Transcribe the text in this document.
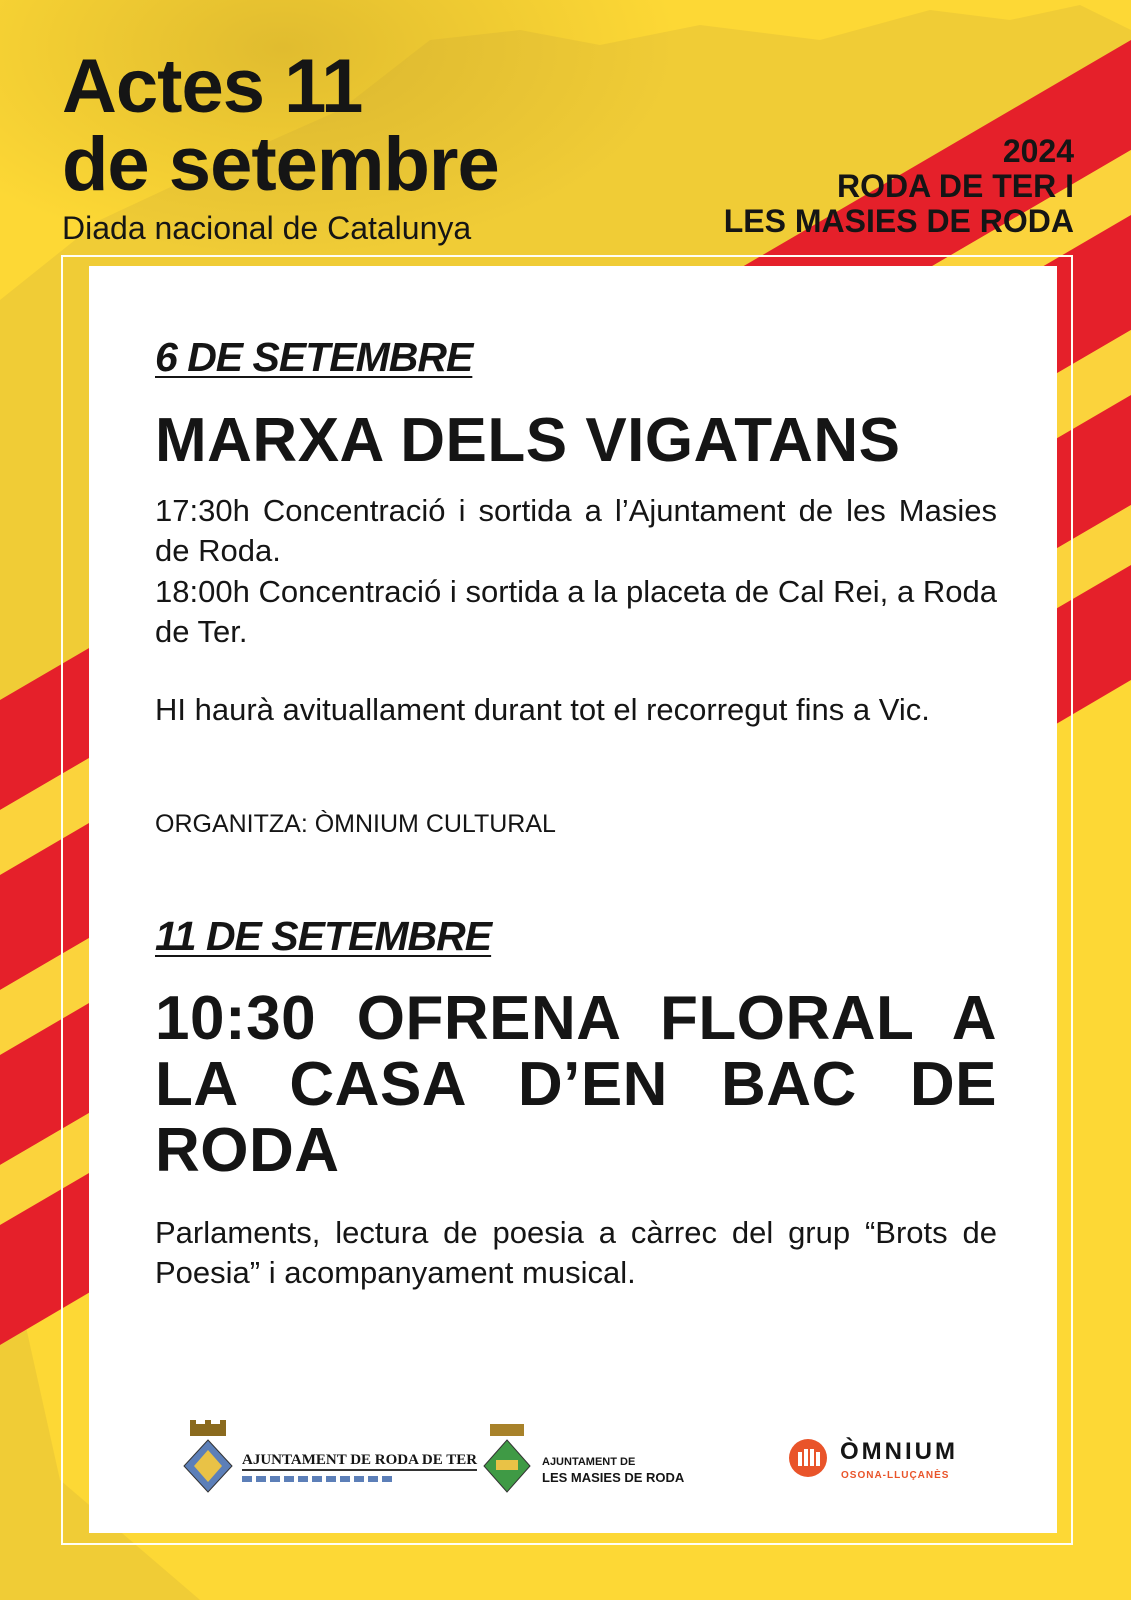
Actes 11
de setembre
Diada nacional de Catalunya
2024
RODA DE TER I
LES MASIES DE RODA
6 DE SETEMBRE
MARXA DELS VIGATANS
17:30h Concentració i sortida a l’Ajuntament de les Masies de Roda.
18:00h Concentració i sortida a la placeta de Cal Rei, a Roda de Ter.
HI haurà avituallament durant tot el recorregut fins a Vic.
ORGANITZA: ÒMNIUM CULTURAL
11 DE SETEMBRE
10:30 OFRENA FLORAL A LA CASA D’EN BAC DE RODA
Parlaments, lectura de poesia a càrrec del grup “Brots de Poesia” i acompanyament musical.
AJUNTAMENT DE RODA DE TER	AJUNTAMENT DE
LES MASIES DE RODA
ÒMNIUM
OSONA-LLUÇANÈS
